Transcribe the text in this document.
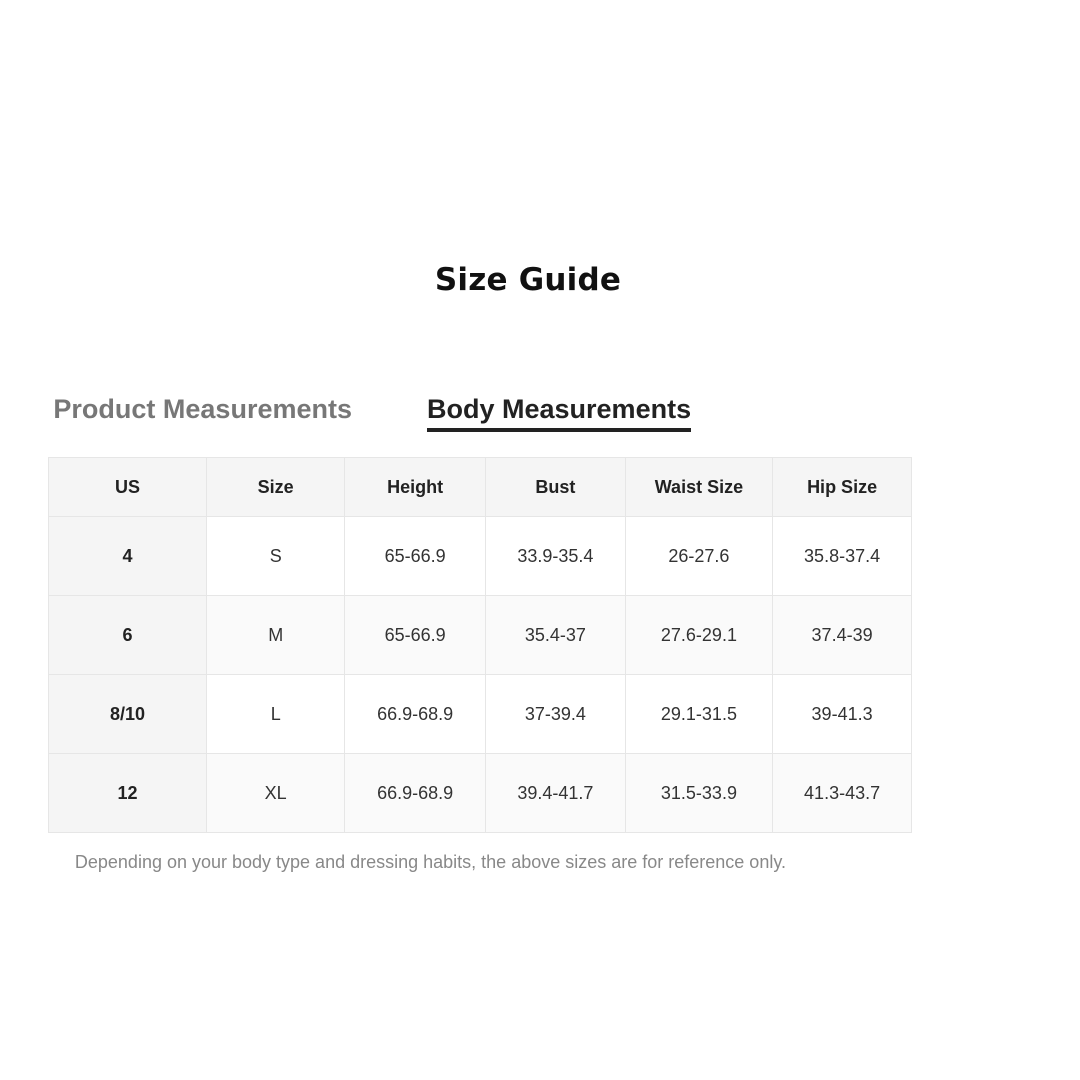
Size Guide
Product Measurements	Body Measurements
US	Size	Height	Bust	Waist Size	Hip Size
4	S	65-66.9	33.9-35.4	26-27.6	35.8-37.4
6	M	65-66.9	35.4-37	27.6-29.1	37.4-39
8/10	L	66.9-68.9	37-39.4	29.1-31.5	39-41.3
12	XL	66.9-68.9	39.4-41.7	31.5-33.9	41.3-43.7
Depending on your body type and dressing habits, the above sizes are for reference only.
